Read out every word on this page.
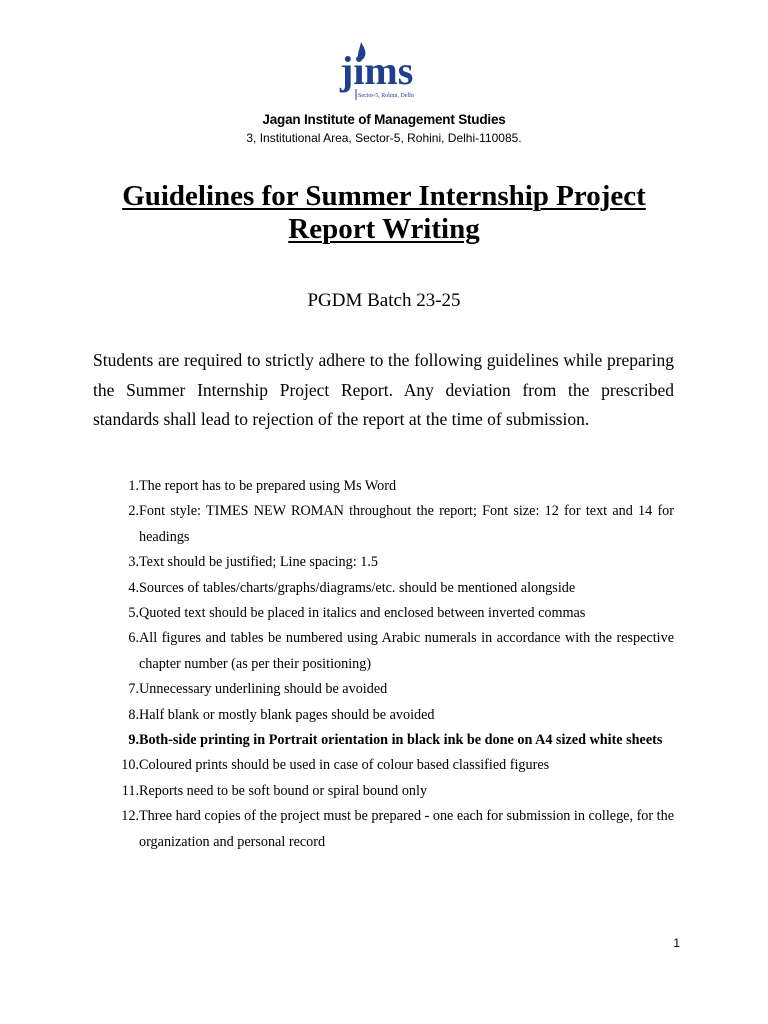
jims
Sector-5, Rohini, Delhi
Jagan Institute of Management Studies
3, Institutional Area, Sector-5, Rohini, Delhi-110085.
Guidelines for Summer Internship Project Report Writing
PGDM Batch 23-25

Students are required to strictly adhere to the following guidelines while preparing the Summer Internship Project Report. Any deviation from the prescribed standards shall lead to rejection of the report at the time of submission.

1. The report has to be prepared using Ms Word
2. Font style: TIMES NEW ROMAN throughout the report; Font size: 12 for text and 14 for headings
3. Text should be justified; Line spacing: 1.5
4. Sources of tables/charts/graphs/diagrams/etc. should be mentioned alongside
5. Quoted text should be placed in italics and enclosed between inverted commas
6. All figures and tables be numbered using Arabic numerals in accordance with the respective chapter number (as per their positioning)
7. Unnecessary underlining should be avoided
8. Half blank or mostly blank pages should be avoided
9. Both-side printing in Portrait orientation in black ink be done on A4 sized white sheets
10. Coloured prints should be used in case of colour based classified figures
11. Reports need to be soft bound or spiral bound only
12. Three hard copies of the project must be prepared - one each for submission in college, for the organization and personal record
1
